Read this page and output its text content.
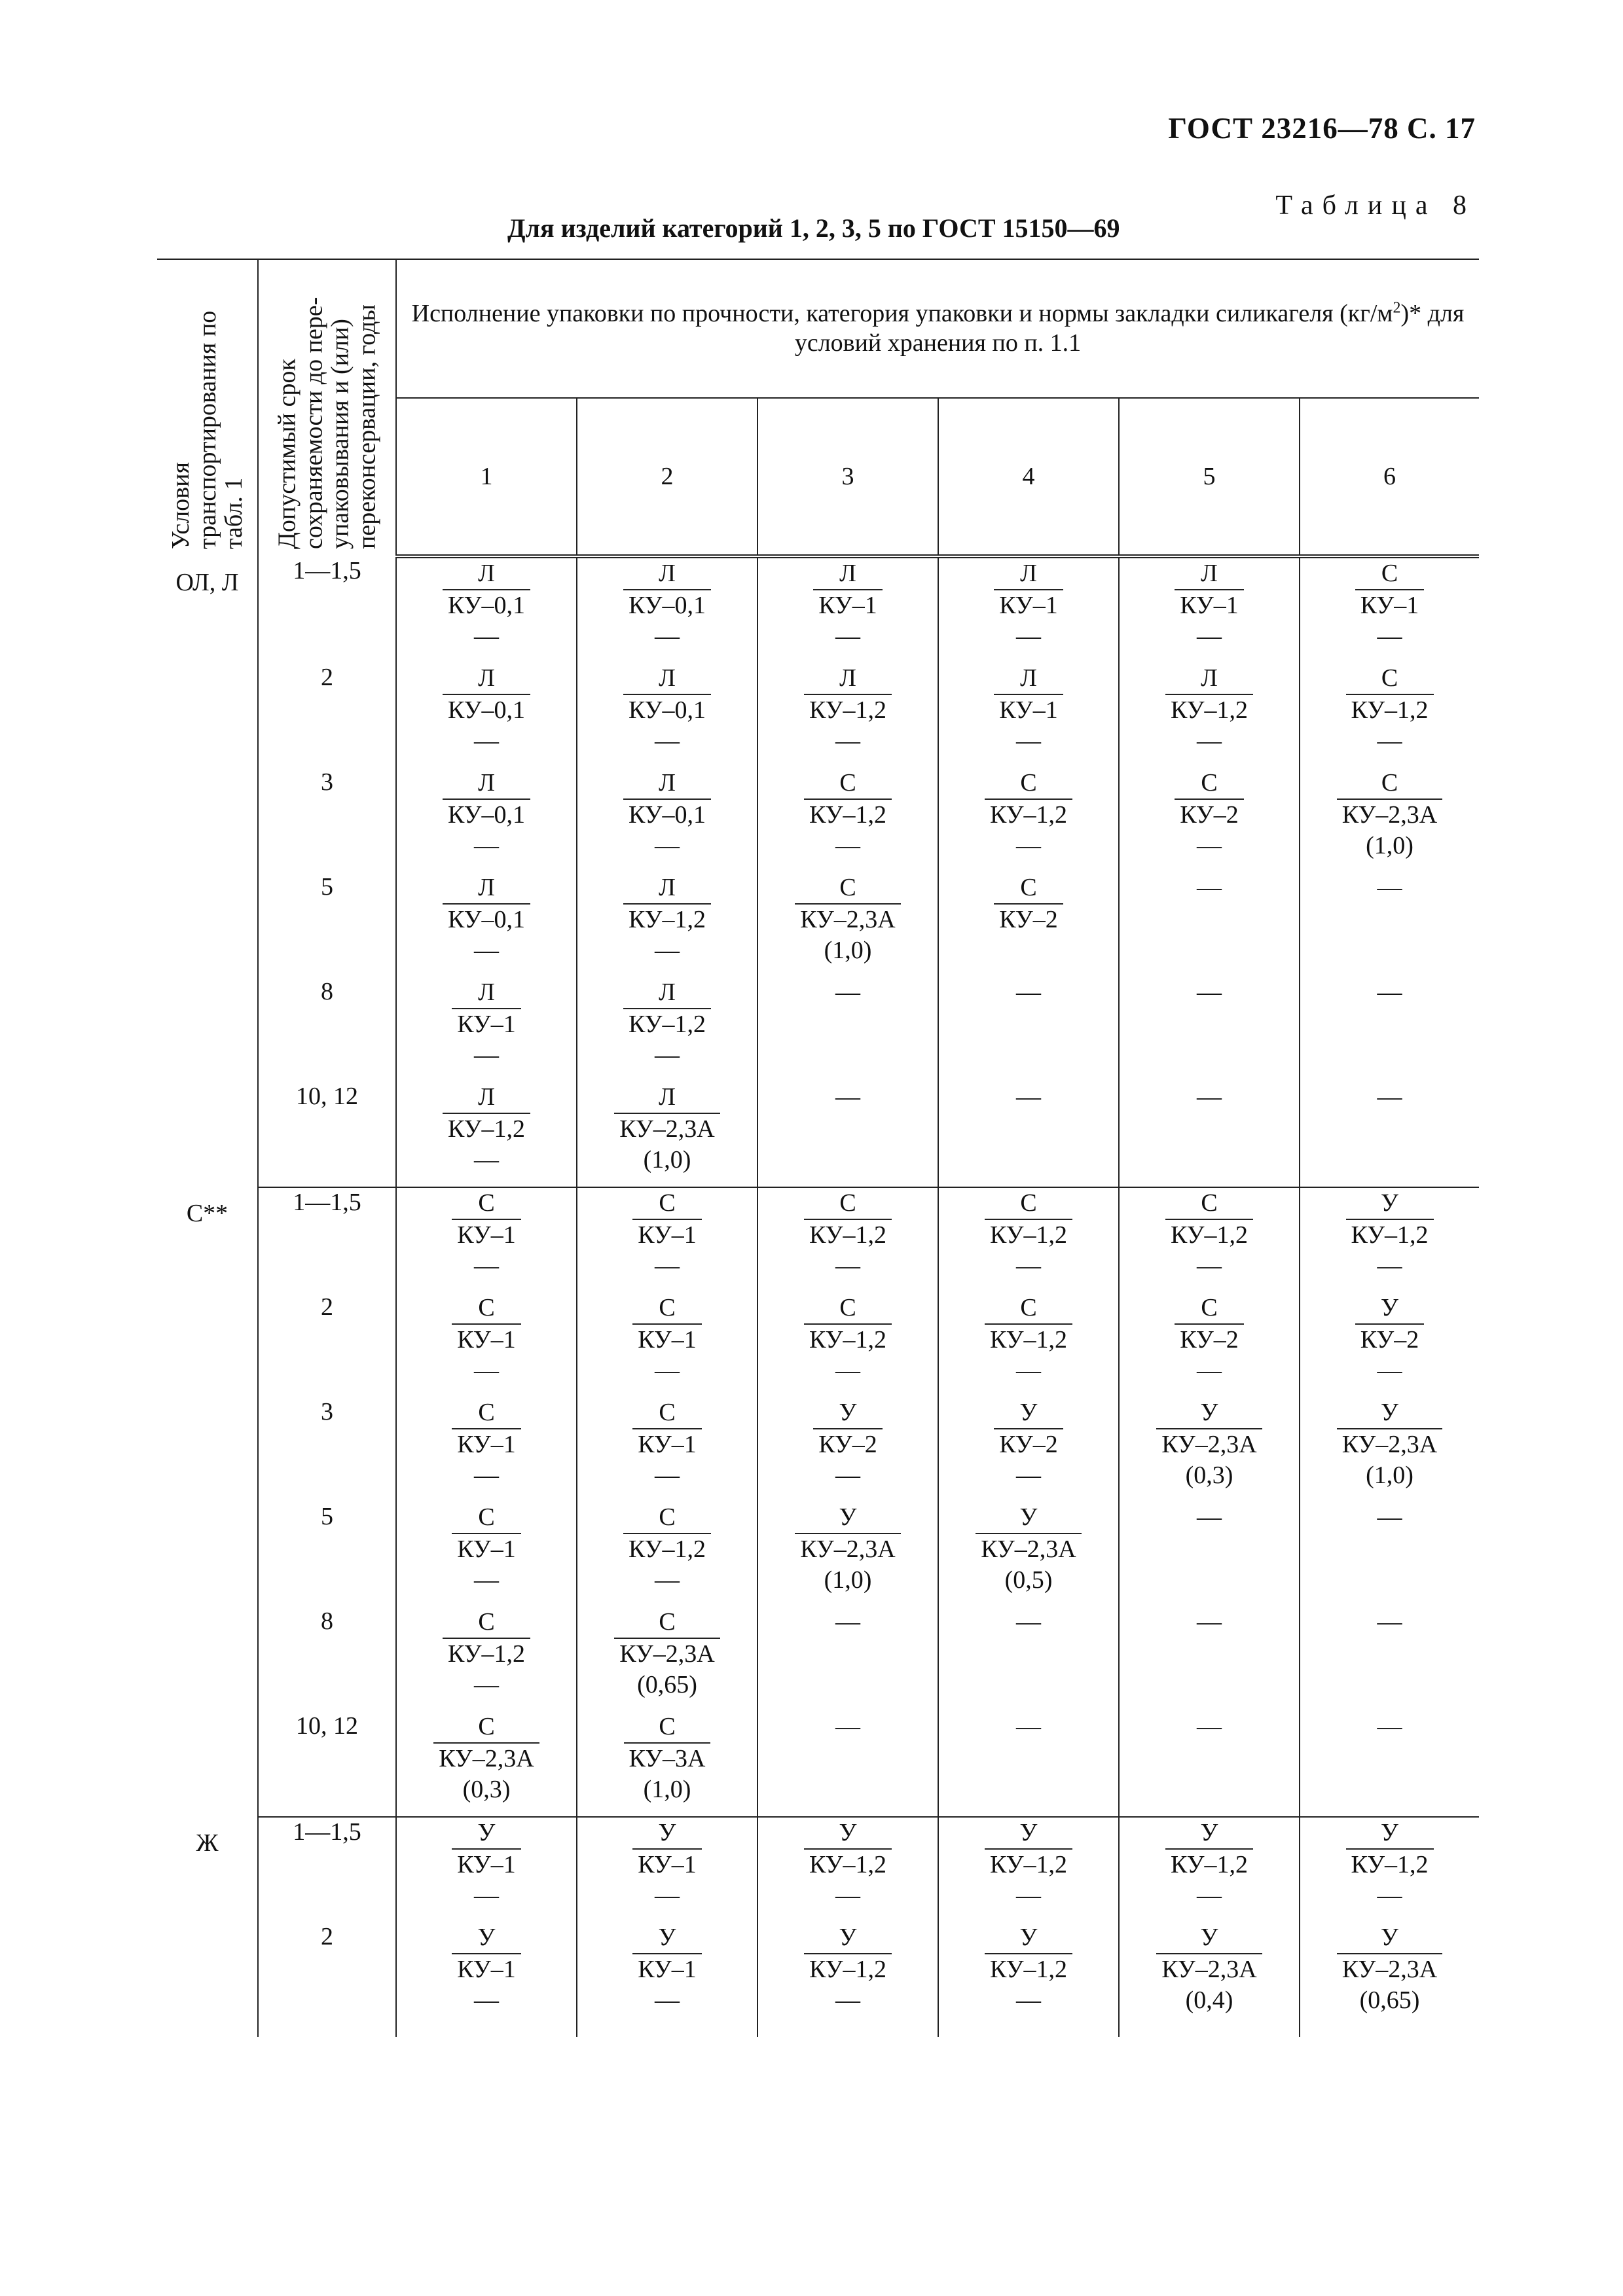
ГОСТ 23216—78 С. 17
Таблица 8
Для изделий категорий 1, 2, 3, 5 по ГОСТ 15150—69
Условия транспортирования по табл. 1	Допустимый срок сохраняемости до пере-упаковывания и (или) переконсервации, годы	Исполнение упаковки по прочности, категория упаковки и нормы закладки силикагеля $(кг/м^2)*$ для условий хранения по п. 1.1					
		1	2	3	4	5	6
ОЛ, Л	1—1,5	Л
КУ–0,1
—	Л
КУ–0,1
—	Л
КУ–1
—	Л
КУ–1
—	Л
КУ–1
—	С
КУ–1
—

	2	Л
КУ–0,1
—	Л
КУ–0,1
—	Л
КУ–1,2
—	Л
КУ–1
—	Л
КУ–1,2
—	С
КУ–1,2
—

	3	Л
КУ–0,1
—	Л
КУ–0,1
—	С
КУ–1,2
—	С
КУ–1,2
—	С
КУ–2
—	С
КУ–2,3А
(1,0)

	5	Л
КУ–0,1
—	Л
КУ–1,2
—	С
КУ–2,3А
(1,0)	$\frac{С}{КУ-2}$	—	—

	8	Л
КУ–1
—	Л
КУ–1,2
—	—	—	—	—

	10, 12	Л
КУ–1,2
—	Л
КУ–2,3А
(1,0)	—	—	—	—

С**	1—1,5	С
КУ–1
—	С
КУ–1
—	С
КУ–1,2
—	С
КУ–1,2
—	С
КУ–1,2
—	У
КУ–1,2
—

	2	С
КУ–1
—	С
КУ–1
—	С
КУ–1,2
—	С
КУ–1,2
—	С
КУ–2
—	У
КУ–2
—

	3	С
КУ–1
—	С
КУ–1
—	У
КУ–2
—	У
КУ–2
—	У
КУ–2,3А
(0,3)	У
КУ–2,3А
(1,0)

	5	С
КУ–1
—	С
КУ–1,2
—	У
КУ–2,3А
(1,0)	У
КУ–2,3А
(0,5)	—	—

	8	С
КУ–1,2
—	С
КУ–2,3А
(0,65)	—	—	—	—

	10, 12	С
КУ–2,3А
(0,3)	С
КУ–3А
(1,0)	—	—	—	—

Ж	1—1,5	У
КУ–1
—	У
КУ–1
—	У
КУ–1,2
—	У
КУ–1,2
—	У
КУ–1,2
—	У
КУ–1,2
—

	2	У
КУ–1
—	У
КУ–1
—	У
КУ–1,2
—	У
КУ–1,2
—	У
КУ–2,3А
(0,4)	У
КУ–2,3А
(0,65)
